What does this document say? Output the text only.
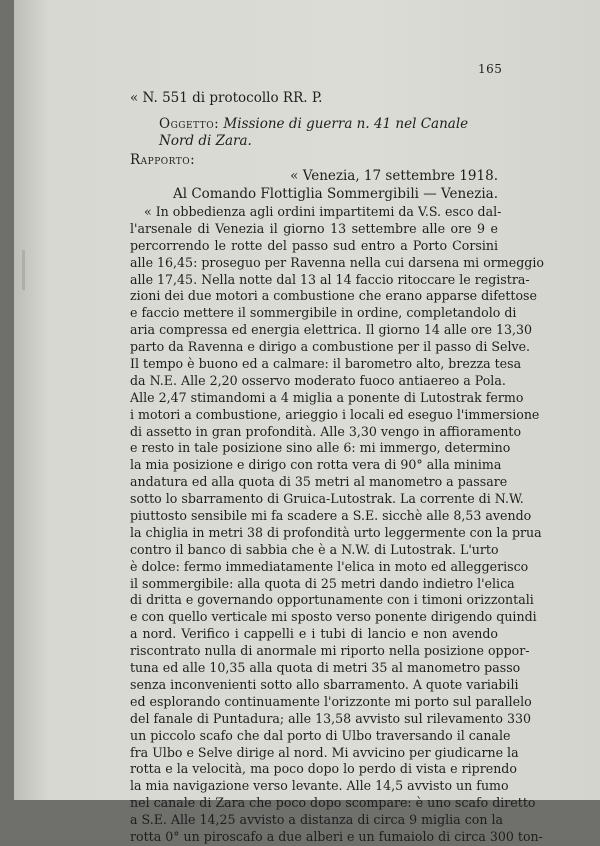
165
« N. 551 di protocollo RR. P.
Oggetto: Missione di guerra n. 41 nel Canale Nord di Zara.
Rapporto:
« Venezia, 17 settembre 1918.
Al Comando Flottiglia Sommergibili — Venezia.
« In obbedienza agli ordini impartitemi da V.S. esco dal-
l'arsenale di Venezia il giorno 13 settembre alle ore 9 e
percorrendo le rotte del passo sud entro a Porto Corsini
alle 16,45: proseguo per Ravenna nella cui darsena mi ormeggio
alle 17,45. Nella notte dal 13 al 14 faccio ritoccare le registra-
zioni dei due motori a combustione che erano apparse difettose
e faccio mettere il sommergibile in ordine, completandolo di
aria compressa ed energia elettrica. Il giorno 14 alle ore 13,30
parto da Ravenna e dirigo a combustione per il passo di Selve.
Il tempo è buono ed a calmare: il barometro alto, brezza tesa
da N.E. Alle 2,20 osservo moderato fuoco antiaereo a Pola.
Alle 2,47 stimandomi a 4 miglia a ponente di Lutostrak fermo
i motori a combustione, arieggio i locali ed eseguo l'immersione
di assetto in gran profondità. Alle 3,30 vengo in affioramento
e resto in tale posizione sino alle 6: mi immergo, determino
la mia posizione e dirigo con rotta vera di 90° alla minima
andatura ed alla quota di 35 metri al manometro a passare
sotto lo sbarramento di Gruica-Lutostrak. La corrente di N.W.
piuttosto sensibile mi fa scadere a S.E. sicchè alle 8,53 avendo
la chiglia in metri 38 di profondità urto leggermente con la prua
contro il banco di sabbia che è a N.W. di Lutostrak. L'urto
è dolce: fermo immediatamente l'elica in moto ed alleggerisco
il sommergibile: alla quota di 25 metri dando indietro l'elica
di dritta e governando opportunamente con i timoni orizzontali
e con quello verticale mi sposto verso ponente dirigendo quindi
a nord. Verifico i cappelli e i tubi di lancio e non avendo
riscontrato nulla di anormale mi riporto nella posizione oppor-
tuna ed alle 10,35 alla quota di metri 35 al manometro passo
senza inconvenienti sotto allo sbarramento. A quote variabili
ed esplorando continuamente l'orizzonte mi porto sul parallelo
del fanale di Puntadura; alle 13,58 avvisto sul rilevamento 330
un piccolo scafo che dal porto di Ulbo traversando il canale
fra Ulbo e Selve dirige al nord. Mi avvicino per giudicarne la
rotta e la velocità, ma poco dopo lo perdo di vista e riprendo
la mia navigazione verso levante. Alle 14,5 avvisto un fumo
nel canale di Zara che poco dopo scompare: è uno scafo diretto
a S.E. Alle 14,25 avvisto a distanza di circa 9 miglia con la
rotta 0° un piroscafo a due alberi e un fumaiolo di circa 300 ton-
